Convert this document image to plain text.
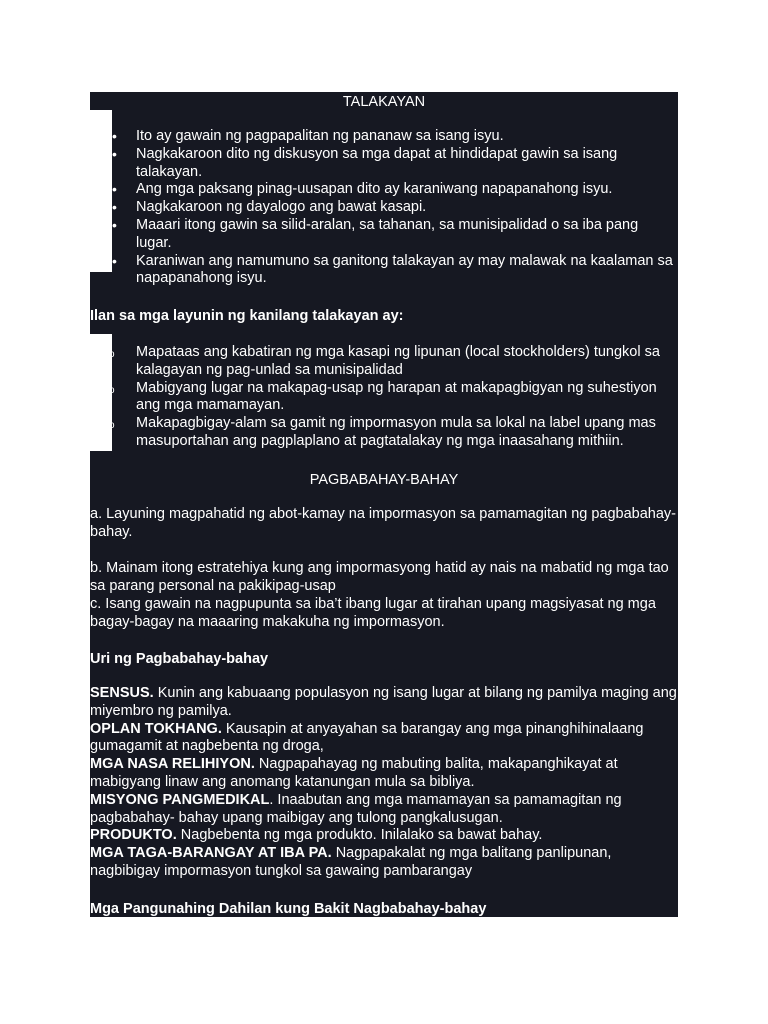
TALAKAYAN
• Ito ay gawain ng pagpapalitan ng pananaw sa isang isyu.
• Nagkakaroon dito ng diskusyon sa mga dapat at hindidapat gawin sa isang talakayan.
• Ang mga paksang pinag-uusapan dito ay karaniwang napapanahong isyu.
• Nagkakaroon ng dayalogo ang bawat kasapi.
• Maaari itong gawin sa silid-aralan, sa tahanan, sa munisipalidad o sa iba pang lugar.
• Karaniwan ang namumuno sa ganitong talakayan ay may malawak na kaalaman sa napapanahong isyu.
Ilan sa mga layunin ng kanilang talakayan ay:
o Mapataas ang kabatiran ng mga kasapi ng lipunan (local stockholders) tungkol sa kalagayan ng pag-unlad sa munisipalidad
o Mabigyang lugar na makapag-usap ng harapan at makapagbigyan ng suhestiyon ang mga mamamayan.
o Makapagbigay-alam sa gamit ng impormasyon mula sa lokal na label upang mas masuportahan ang pagplaplano at pagtatalakay ng mga inaasahang mithiin.
PAGBABAHAY-BAHAY
a. Layuning magpahatid ng abot-kamay na impormasyon sa pamamagitan ng pagbabahay-bahay.
b. Mainam itong estratehiya kung ang impormasyong hatid ay nais na mabatid ng mga tao sa parang personal na pakikipag-usap
c. Isang gawain na nagpupunta sa iba’t ibang lugar at tirahan upang magsiyasat ng mga bagay-bagay na maaaring makakuha ng impormasyon.
Uri ng Pagbabahay-bahay

SENSUS. Kunin ang kabuaang populasyon ng isang lugar at bilang ng pamilya maging ang miyembro ng pamilya.

OPLAN TOKHANG. Kausapin at anyayahan sa barangay ang mga pinanghihinalaang gumagamit at nagbebenta ng droga,

MGA NASA RELIHIYON. Nagpapahayag ng mabuting balita, makapanghikayat at mabigyang linaw ang anomang katanungan mula sa bibliya.

MISYONG PANGMEDIKAL. Inaabutan ang mga mamamayan sa pamamagitan ng pagbabahay- bahay upang maibigay ang tulong pangkalusugan.

PRODUKTO. Nagbebenta ng mga produkto. Inilalako sa bawat bahay.

MGA TAGA-BARANGAY AT IBA PA. Nagpapakalat ng mga balitang panlipunan, nagbibigay impormasyon tungkol sa gawaing pambarangay

Mga Pangunahing Dahilan kung Bakit Nagbabahay-bahay
